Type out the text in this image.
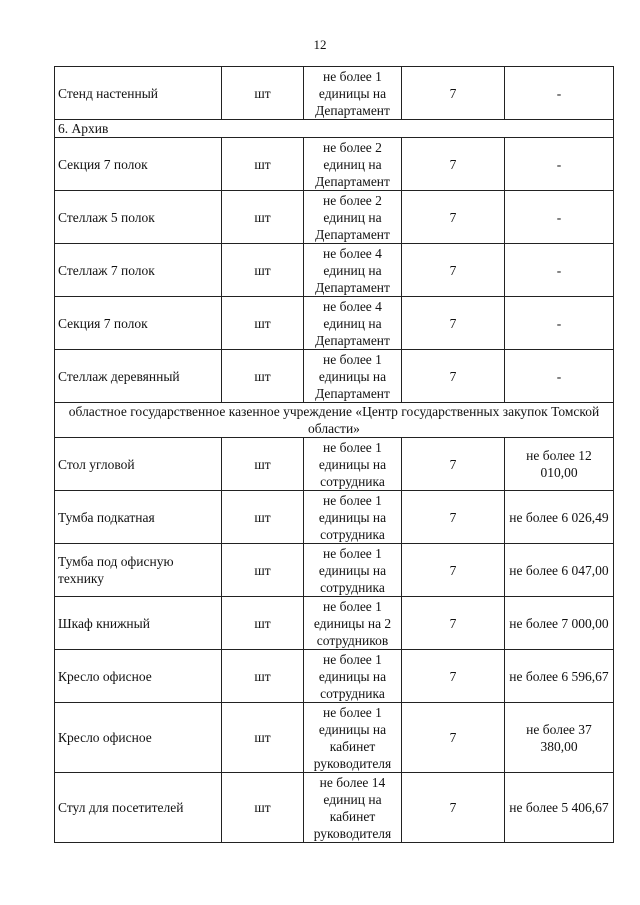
12
Стенд настенный	шт	не более 1 единицы на Департамент	7	-
6. Архив				
Секция 7 полок	шт	не более 2 единиц на Департамент	7	-
Стеллаж 5 полок	шт	не более 2 единиц на Департамент	7	-
Стеллаж 7 полок	шт	не более 4 единиц на Департамент	7	-
Секция 7 полок	шт	не более 4 единиц на Департамент	7	-
Стеллаж деревянный	шт	не более 1 единицы на Департамент	7	-
областное государственное казенное учреждение «Центр государственных закупок Томской области»				
Стол угловой	шт	не более 1 единицы на сотрудника	7	не более 12 010,00
Тумба подкатная	шт	не более 1 единицы на сотрудника	7	не более 6 026,49
Тумба под офисную технику	шт	не более 1 единицы на сотрудника	7	не более 6 047,00
Шкаф книжный	шт	не более 1 единицы на 2 сотрудников	7	не более 7 000,00
Кресло офисное	шт	не более 1 единицы на сотрудника	7	не более 6 596,67
Кресло офисное	шт	не более 1 единицы на кабинет руководителя	7	не более 37 380,00
Стул для посетителей	шт	не более 14 единиц на кабинет руководителя	7	не более 5 406,67
